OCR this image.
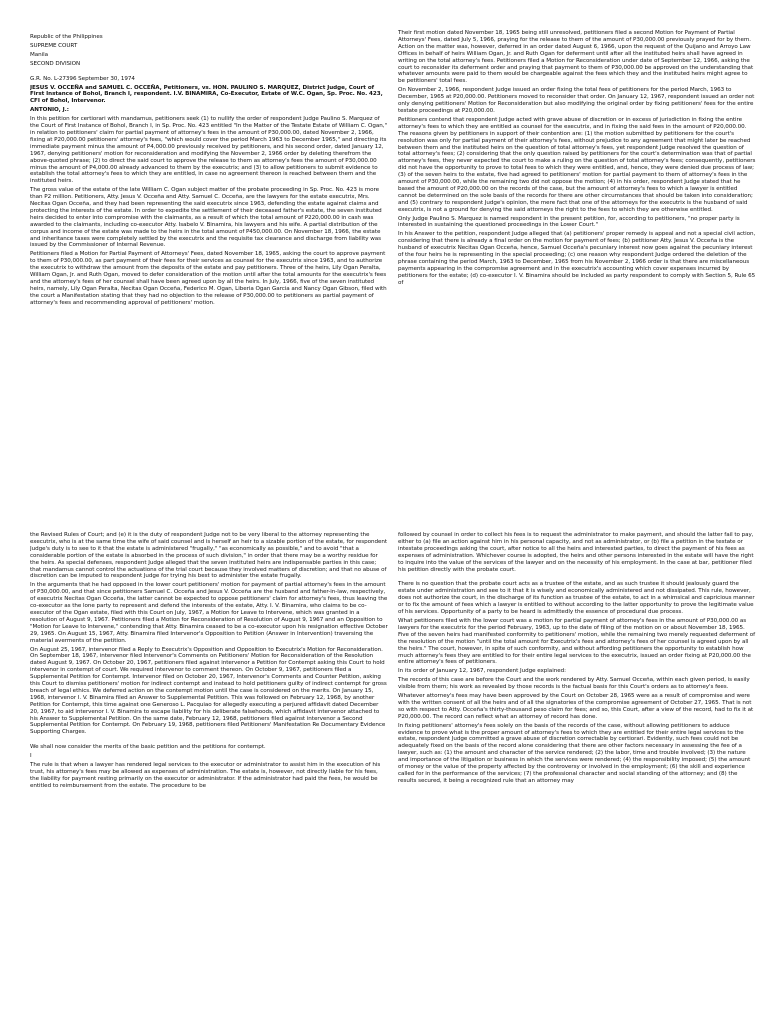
Republic of the Philippines

SUPREME COURT

Manila

SECOND DIVISION

G.R. No. L-27396 September 30, 1974

JESUS V. OCCEÑA and SAMUEL C. OCCEÑA, Petitioners, vs. HON. PAULINO S. MARQUEZ, District Judge, Court of First Instance of Bohol, Branch I, respondent. I.V. BINAMIRA, Co-Executor, Estate of W.C. Ogan, Sp. Proc. No. 423, CFI of Bohol, Intervenor.

ANTONIO, J.:

In this petition for certiorari with mandamus, petitioners seek (1) to nullify the order of respondent Judge Paulino S. Marquez of the Court of First Instance of Bohol, Branch I, in Sp. Proc. No. 423 entitled "In the Matter of the Testate Estate of William C. Ogan," in relation to petitioners' claim for partial payment of attorney's fees in the amount of P30,000.00, dated November 2, 1966, fixing at P20,000.00 petitioners' attorney's fees, "which would cover the period March 1963 to December 1965," and directing its immediate payment minus the amount of P4,000.00 previously received by petitioners, and his second order, dated January 12, 1967, denying petitioners' motion for reconsideration and modifying the November 2, 1966 order by deleting therefrom the above-quoted phrase; (2) to direct the said court to approve the release to them as attorney's fees the amount of P30,000.00 minus the amount of P4,000.00 already advanced to them by the executrix; and (3) to allow petitioners to submit evidence to establish the total attorney's fees to which they are entitled, in case no agreement thereon is reached between them and the instituted heirs.

The gross value of the estate of the late William C. Ogan subject matter of the probate proceeding in Sp. Proc. No. 423 is more than P2 million. Petitioners, Atty. Jesus V. Occeña and Atty. Samuel C. Occeña, are the lawyers for the estate executrix, Mrs. Necitas Ogan Occeña, and they had been representing the said executrix since 1963, defending the estate against claims and protecting the interests of the estate. In order to expedite the settlement of their deceased father's estate, the seven instituted heirs decided to enter into compromise with the claimants, as a result of which the total amount of P220,000.00 in cash was awarded to the claimants, including co-executor Atty. Isabelo V. Binamira, his lawyers and his wife. A partial distribution of the corpus and income of the estate was made to the heirs in the total amount of P450,000.00. On November 18, 1966, the estate and inheritance taxes were completely settled by the executrix and the requisite tax clearance and discharge from liability was issued by the Commissioner of Internal Revenue.

Petitioners filed a Motion for Partial Payment of Attorneys' Fees, dated November 18, 1965, asking the court to approve payment to them of P30,000.00, as part payment of their fees for their services as counsel for the executrix since 1963, and to authorize the executrix to withdraw the amount from the deposits of the estate and pay petitioners. Three of the heirs, Lily Ogan Peralta, William Ogan, Jr. and Ruth Ogan, moved to defer consideration of the motion until after the total amounts for the executrix's fees and the attorney's fees of her counsel shall have been agreed upon by all the heirs. In July, 1966, five of the seven instituted heirs, namely, Lily Ogan Peralta, Necitas Ogan Occeña, Federico M. Ogan, Liberia Ogan Garcia and Nancy Ogan Gibson, filed with the court a Manifestation stating that they had no objection to the release of P30,000.00 to petitioners as partial payment of attorney's fees and recommending approval of petitioners' motion.

Their first motion dated November 18, 1965 being still unresolved, petitioners filed a second Motion for Payment of Partial Attorneys' Fees, dated July 5, 1966, praying for the release to them of the amount of P30,000.00 previously prayed for by them. Action on the matter was, however, deferred in an order dated August 6, 1966, upon the request of the Quijano and Arroyo Law Offices in behalf of heirs William Ogan, Jr. and Ruth Ogan for deferment until after all the instituted heirs shall have agreed in writing on the total attorney's fees. Petitioners filed a Motion for Reconsideration under date of September 12, 1966, asking the court to reconsider its deferment order and praying that payment to them of P30,000.00 be approved on the understanding that whatever amounts were paid to them would be chargeable against the fees which they and the instituted heirs might agree to be petitioners' total fees.

On November 2, 1966, respondent Judge issued an order fixing the total fees of petitioners for the period March, 1963 to December, 1965 at P20,000.00. Petitioners moved to reconsider that order. On January 12, 1967, respondent issued an order not only denying petitioners' Motion for Reconsideration but also modifying the original order by fixing petitioners' fees for the entire testate proceedings at P20,000.00.

Petitioners contend that respondent Judge acted with grave abuse of discretion or in excess of jurisdiction in fixing the entire attorney's fees to which they are entitled as counsel for the executrix, and in fixing the said fees in the amount of P20,000.00. The reasons given by petitioners in support of their contention are: (1) the motion submitted by petitioners for the court's resolution was only for partial payment of their attorney's fees, without prejudice to any agreement that might later be reached between them and the instituted heirs on the question of total attorney's fees, yet respondent Judge resolved the question of total attorney's fees; (2) considering that the only question raised by petitioners for the court's determination was that of partial attorney's fees, they never expected the court to make a ruling on the question of total attorney's fees; consequently, petitioners did not have the opportunity to prove to total fees to which they were entitled, and, hence, they were denied due process of law; (3) of the seven heirs to the estate, five had agreed to petitioners' motion for partial payment to them of attorney's fees in the amount of P30,000.00, while the remaining two did not oppose the motion; (4) in his order, respondent Judge stated that he based the amount of P20,000.00 on the records of the case, but the amount of attorney's fees to which a lawyer is entitled cannot be determined on the sole basis of the records for there are other circumstances that should be taken into consideration; and (5) contrary to respondent Judge's opinion, the mere fact that one of the attorneys for the executrix is the husband of said executrix, is not a ground for denying the said attorneys the right to the fees to which they are otherwise entitled.

Only Judge Paulino S. Marquez is named respondent in the present petition, for, according to petitioners, "no proper party is interested in sustaining the questioned proceedings in the Lower Court."

In his Answer to the petition, respondent Judge alleged that (a) petitioners' proper remedy is appeal and not a special civil action, considering that there is already a final order on the motion for payment of fees; (b) petitioner Atty. Jesus V. Occeña is the husband of executrix Necitas Ogan Occeña, hence, Samuel Occeña's pecuniary interest now goes against the pecuniary interest of the four heirs he is representing in the special proceeding; (c) one reason why respondent Judge ordered the deletion of the phrase containing the period March, 1963 to December, 1965 from his November 2, 1966 order is that there are miscellaneous payments appearing in the compromise agreement and in the executrix's accounting which cover expenses incurred by petitioners for the estate; (d) co-executor I. V. Binamira should be included as party respondent to comply with Section 5, Rule 65 of

the Revised Rules of Court; and (e) it is the duty of respondent Judge not to be very liberal to the attorney representing the executrix, who is at the same time the wife of said counsel and is herself an heir to a sizable portion of the estate, for respondent Judge's duty is to see to it that the estate is administered "frugally," "as economically as possible," and to avoid "that a considerable portion of the estate is absorbed in the process of such division," in order that there may be a worthy residue for the heirs. As special defenses, respondent Judge alleged that the seven instituted heirs are indispensable parties in this case; that mandamus cannot control the actuations of the trial court because they involved matters of discretion; and that no abuse of discretion can be imputed to respondent Judge for trying his best to administer the estate frugally.

In the arguments that he had opposed in the lower court petitioners' motion for payment of partial attorney's fees in the amount of P30,000.00, and that since petitioners Samuel C. Occeña and Jesus V. Occeña are the husband and father-in-law, respectively, of executrix Necitas Ogan Occeña, the latter cannot be expected to oppose petitioners' claim for attorney's fees, thus leaving the co-executor as the lone party to represent and defend the interests of the estate, Atty. I. V. Binamira, who claims to be co-executor of the Ogan estate, filed with this Court on July, 1967, a Motion for Leave to Intervene, which was granted in a resolution of August 9, 1967. Petitioners filed a Motion for Reconsideration of Resolution of August 9, 1967 and an Opposition to "Motion for Leave to Intervene," contending that Atty. Binamira ceased to be a co-executor upon his resignation effective October 29, 1965. On August 15, 1967, Atty. Binamira filed Intervenor's Opposition to Petition (Answer in Intervention) traversing the material averments of the petition.

On August 25, 1967, intervenor filed a Reply to Executrix's Opposition and Opposition to Executrix's Motion for Reconsideration. On September 18, 1967, intervenor filed Intervenor's Comments on Petitioners' Motion for Reconsideration of the Resolution dated August 9, 1967. On October 20, 1967, petitioners filed against intervenor a Petition for Contempt asking this Court to hold intervenor in contempt of court. We required intervenor to comment thereon. On October 9, 1967, petitioners filed a Supplemental Petition for Contempt. Intervenor filed on October 20, 1967, Intervenor's Comments and Counter Petition, asking this Court to dismiss petitioners' motion for indirect contempt and instead to hold petitioners guilty of indirect contempt for gross breach of legal ethics. We deferred action on the contempt motion until the case is considered on the merits. On January 15, 1968, intervenor I. V. Binamira filed an Answer to Supplemental Petition. This was followed on February 12, 1968, by another Petition for Contempt, this time against one Generoso L. Pacquiao for allegedly executing a perjured affidavit dated December 20, 1967, to aid intervenor I. V. Binamira to escape liability for his deliberate falsehoods, which affidavit intervenor attached to his Answer to Supplemental Petition. On the same date, February 12, 1968, petitioners filed against intervenor a Second Supplemental Petition for Contempt. On February 19, 1968, petitioners filed Petitioners' Manifestation Re Documentary Evidence Supporting Charges.

We shall now consider the merits of the basic petition and the petitions for contempt.

I

The rule is that when a lawyer has rendered legal services to the executor or administrator to assist him in the execution of his trust, his attorney's fees may be allowed as expenses of administration. The estate is, however, not directly liable for his fees, the liability for payment resting primarily on the executor or administrator. If the administrator had paid the fees, he would be entitled to reimbursement from the estate. The procedure to be

followed by counsel in order to collect his fees is to request the administrator to make payment, and should the latter fail to pay, either to (a) file an action against him in his personal capacity, and not as administrator, or (b) file a petition in the testate or intestate proceedings asking the court, after notice to all the heirs and interested parties, to direct the payment of his fees as expenses of administration. Whichever course is adopted, the heirs and other persons interested in the estate will have the right to inquire into the value of the services of the lawyer and on the necessity of his employment. In the case at bar, petitioner filed his petition directly with the probate court.

There is no question that the probate court acts as a trustee of the estate, and as such trustee it should jealously guard the estate under administration and see to it that it is wisely and economically administered and not dissipated. This rule, however, does not authorize the court, in the discharge of its function as trustee of the estate, to act in a whimsical and capricious manner or to fix the amount of fees which a lawyer is entitled to without according to the latter opportunity to prove the legitimate value of his services. Opportunity of a party to be heard is admittedly the essence of procedural due process.

What petitioners filed with the lower court was a motion for partial payment of attorney's fees in the amount of P30,000.00 as lawyers for the executrix for the period February, 1963, up to the date of filing of the motion on or about November 18, 1965. Five of the seven heirs had manifested conformity to petitioners' motion, while the remaining two merely requested deferment of the resolution of the motion "until the total amount for Executrix's fees and attorney's fees of her counsel is agreed upon by all the heirs." The court, however, in spite of such conformity, and without affording petitioners the opportunity to establish how much attorney's fees they are entitled to for their entire legal services to the executrix, issued an order fixing at P20,000.00 the entire attorney's fees of petitioners.

In its order of January 12, 1967, respondent Judge explained:

The records of this case are before the Court and the work rendered by Atty. Samuel Occeña, within each given period, is easily visible from them; his work as revealed by those records is the factual basis for this Court's orders as to attorney's fees.

Whatever attorney's fees may have been approved by the Court on October 28, 1965 were as a result of compromise and were with the written consent of all the heirs and of all the signatories of the compromise agreement of October 27, 1965. That is not so with respect to Atty. Occeña's thirty-thousand peso claim for fees; and so, this Court, after a view of the record, had to fix it at P20,000.00. The record can reflect what an attorney of record has done.

In fixing petitioners' attorney's fees solely on the basis of the records of the case, without allowing petitioners to adduce evidence to prove what is the proper amount of attorney's fees to which they are entitled for their entire legal services to the estate, respondent Judge committed a grave abuse of discretion correctable by certiorari. Evidently, such fees could not be adequately fixed on the basis of the record alone considering that there are other factors necessary in assessing the fee of a lawyer, such as: (1) the amount and character of the service rendered; (2) the labor, time and trouble involved; (3) the nature and importance of the litigation or business in which the services were rendered; (4) the responsibility imposed; (5) the amount of money or the value of the property affected by the controversy or involved in the employment; (6) the skill and experience called for in the performance of the services; (7) the professional character and social standing of the attorney; and (8) the results secured, it being a recognized rule that an attorney may
